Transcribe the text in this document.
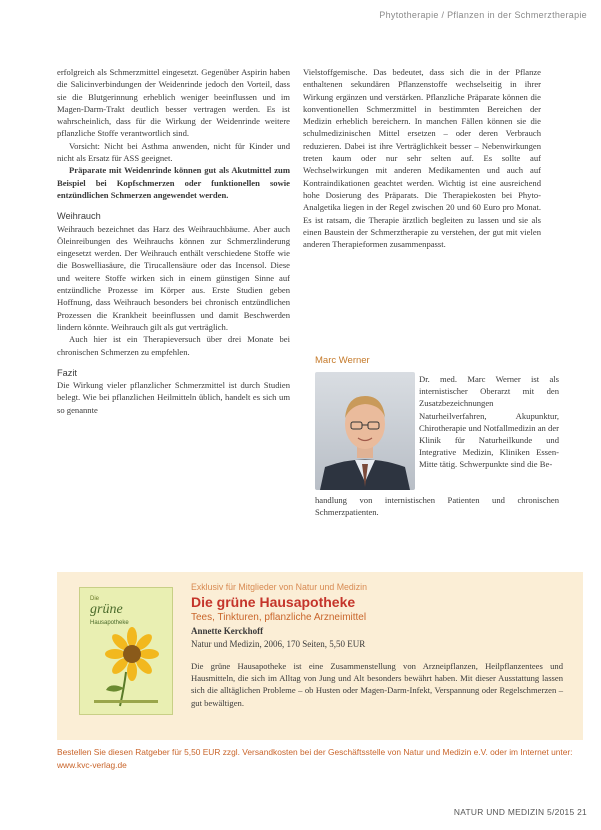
Phytotherapie / Pflanzen in der Schmerztherapie

erfolgreich als Schmerzmittel eingesetzt. Gegenüber Aspirin haben die Salicinverbindungen der Weidenrinde jedoch den Vorteil, dass sie die Blutgerinnung erheblich weniger beeinflussen und im Magen-Darm-Trakt deutlich besser vertragen werden. Es ist wahrscheinlich, dass für die Wirkung der Weidenrinde weitere pflanzliche Stoffe verantwortlich sind.

Vorsicht: Nicht bei Asthma anwenden, nicht für Kinder und nicht als Ersatz für ASS geeignet.

Präparate mit Weidenrinde können gut als Akutmittel zum Beispiel bei Kopfschmerzen oder funktionellen sowie entzündlichen Schmerzen angewendet werden.

Weihrauch

Weihrauch bezeichnet das Harz des Weihrauchbäume. Aber auch Öleinreibungen des Weihrauchs können zur Schmerzlinderung eingesetzt werden. Der Weihrauch enthält verschiedene Stoffe wie die Boswelliasäure, die Tirucallensäure oder das Incensol. Diese und weitere Stoffe wirken sich in einem günstigen Sinne auf entzündliche Prozesse im Körper aus. Erste Studien geben Hoffnung, dass Weihrauch besonders bei chronisch entzündlichen Prozessen die Krankheit beeinflussen und damit Beschwerden lindern könnte. Weihrauch gilt als gut verträglich.

Auch hier ist ein Therapieversuch über drei Monate bei chronischen Schmerzen zu empfehlen.

Fazit

Die Wirkung vieler pflanzlicher Schmerzmittel ist durch Studien belegt. Wie bei pflanzlichen Heilmitteln üblich, handelt es sich um so genannte

Vielstoffgemische. Das bedeutet, dass sich die in der Pflanze enthaltenen sekundären Pflanzenstoffe wechselseitig in ihrer Wirkung ergänzen und verstärken. Pflanzliche Präparate können die konventionellen Schmerzmittel in bestimmten Bereichen der Medizin erheblich bereichern. In manchen Fällen können sie die schulmedizinischen Mittel ersetzen – oder deren Verbrauch reduzieren. Dabei ist ihre Verträglichkeit besser – Nebenwirkungen treten kaum oder nur sehr selten auf. Es sollte auf Wechselwirkungen mit anderen Medikamenten und auch auf Kontraindikationen geachtet werden. Wichtig ist eine ausreichend hohe Dosierung des Präparats. Die Therapiekosten bei Phyto-Analgetika liegen in der Regel zwischen 20 und 60 Euro pro Monat. Es ist ratsam, die Therapie ärztlich begleiten zu lassen und sie als einen Baustein der Schmerztherapie zu verstehen, der gut mit vielen anderen Therapieformen zusammenpasst.

Marc Werner
Dr. med. Marc Werner ist als internistischer Oberarzt mit den Zusatzbezeichnungen Naturheilverfahren, Akupunktur, Chirotherapie und Notfallmedizin an der Klinik für Naturheilkunde und Integrative Medizin, Kliniken Essen-Mitte tätig. Schwerpunkte sind die Be-
handlung von internistischen Patienten und chronischen Schmerzpatienten.
Die
grüne
Hausapotheke
Exklusiv für Mitglieder von Natur und Medizin
Die grüne Hausapotheke
Tees, Tinkturen, pflanzliche Arzneimittel
Annette Kerckhoff
Natur und Medizin, 2006, 170 Seiten, 5,50 EUR
Die grüne Hausapotheke ist eine Zusammenstellung von Arzneipflanzen, Heilpflanzentees und Hausmitteln, die sich im Alltag von Jung und Alt besonders bewährt haben. Mit dieser Ausstattung lassen sich die alltäglichen Probleme – ob Husten oder Magen-Darm-Infekt, Verspannung oder Regelschmerzen – gut bewältigen.
Bestellen Sie diesen Ratgeber für 5,50 EUR zzgl. Versandkosten bei der Geschäftsstelle von Natur und Medizin e.V. oder im Internet unter: www.kvc-verlag.de
NATUR UND MEDIZIN 5/2015 21
